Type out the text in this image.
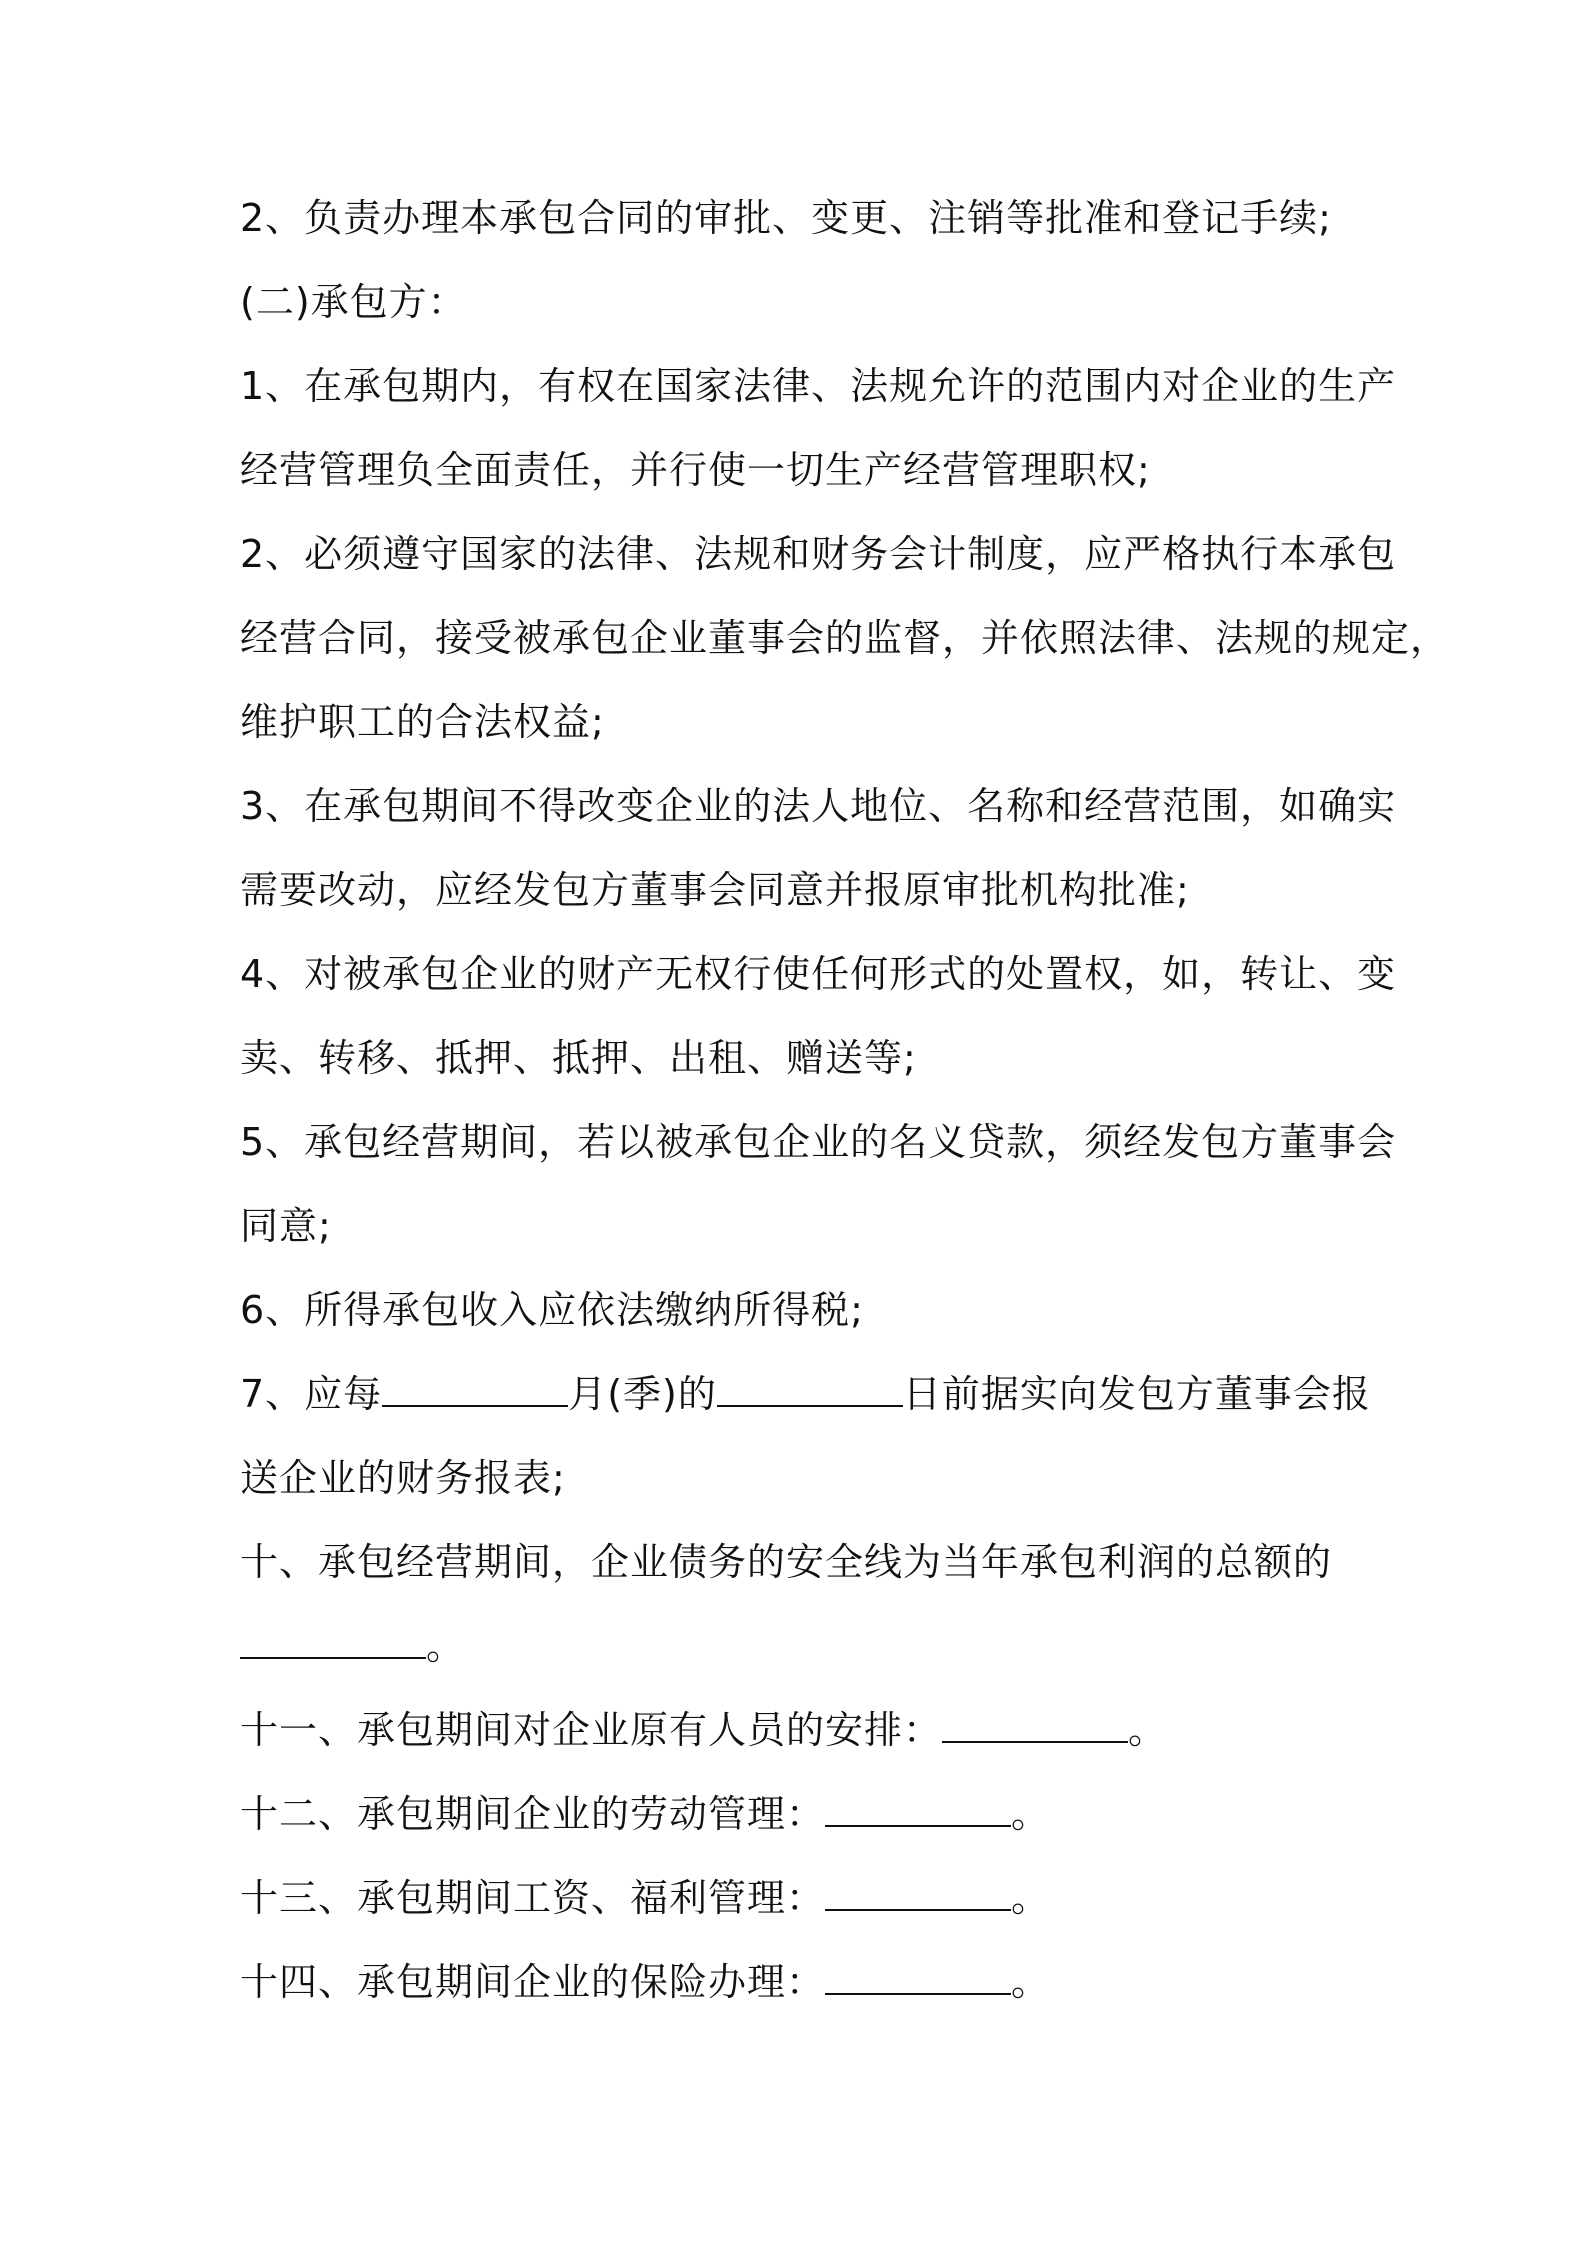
2、负责办理本承包合同的审批、变更、注销等批准和登记手续;
(二)承包方：
1、在承包期内，有权在国家法律、法规允许的范围内对企业的生产
经营管理负全面责任，并行使一切生产经营管理职权;
2、必须遵守国家的法律、法规和财务会计制度，应严格执行本承包
经营合同，接受被承包企业董事会的监督，并依照法律、法规的规定，
维护职工的合法权益;
3、在承包期间不得改变企业的法人地位、名称和经营范围，如确实
需要改动，应经发包方董事会同意并报原审批机构批准;
4、对被承包企业的财产无权行使任何形式的处置权，如，转让、变
卖、转移、抵押、抵押、出租、赠送等;
5、承包经营期间，若以被承包企业的名义贷款，须经发包方董事会
同意;
6、所得承包收入应依法缴纳所得税;
7、应每	月(季)的	日前据实向发包方董事会报
送企业的财务报表;
十、承包经营期间，企业债务的安全线为当年承包利润的总额的
。
十一、承包期间对企业原有人员的安排：	。
十二、承包期间企业的劳动管理：	。
十三、承包期间工资、福利管理：	。
十四、承包期间企业的保险办理：	。
